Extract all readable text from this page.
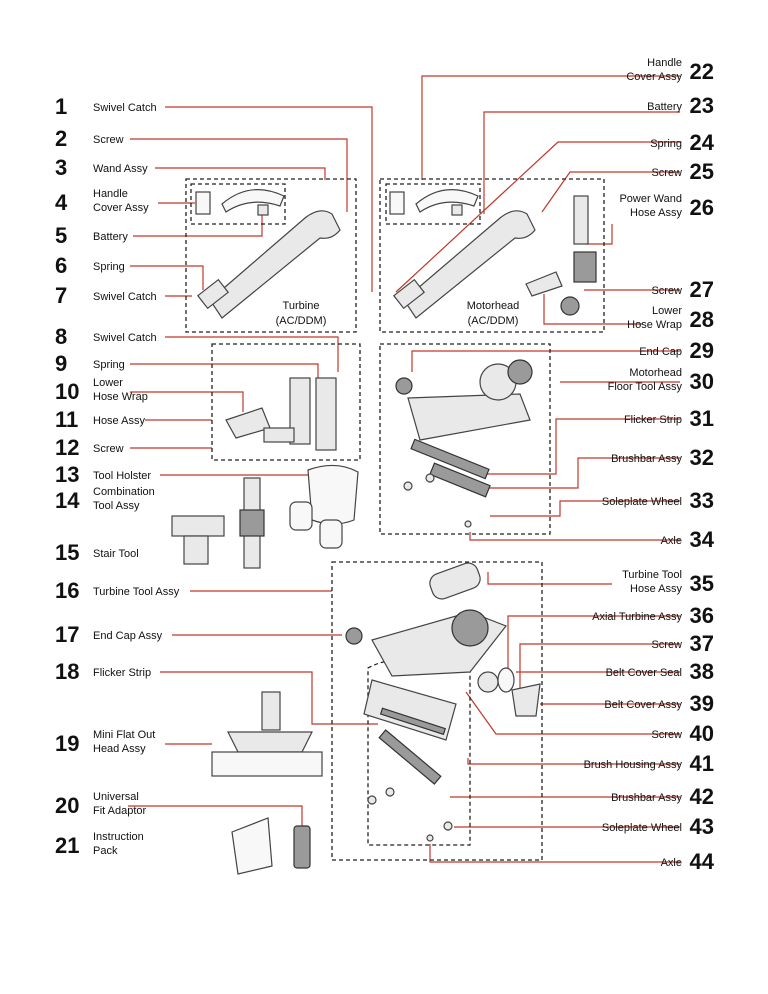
Turbine
(AC/DDM)
Motorhead
(AC/DDM)
1 Swivel Catch
2 Screw
3 Wand Assy
4 Handle
Cover Assy
5 Battery
6 Spring
7 Swivel Catch
8 Swivel Catch
9 Spring
10 Lower
Hose Wrap
11 Hose Assy
12 Screw
13 Tool Holster
14 Combination
Tool Assy
15 Stair Tool
16 Turbine Tool Assy
17 End Cap Assy
18 Flicker Strip
19 Mini Flat Out
Head Assy
20 Universal
Fit Adaptor
21 Instruction
Pack
22
Handle
Cover Assy
23
Battery
24
Spring
25
Screw
26
Power Wand
Hose Assy
27
Screw
28
Lower
Hose Wrap
29
End Cap
30
Motorhead
Floor Tool Assy
31
Flicker Strip
32
Brushbar Assy
33
Soleplate Wheel
34
Axle
35
Turbine Tool
Hose Assy
36
Axial Turbine Assy
37
Screw
38
Belt Cover Seal
39
Belt Cover Assy
40
Screw
41
Brush Housing Assy
42
Brushbar Assy
43
Soleplate Wheel
44
Axle
